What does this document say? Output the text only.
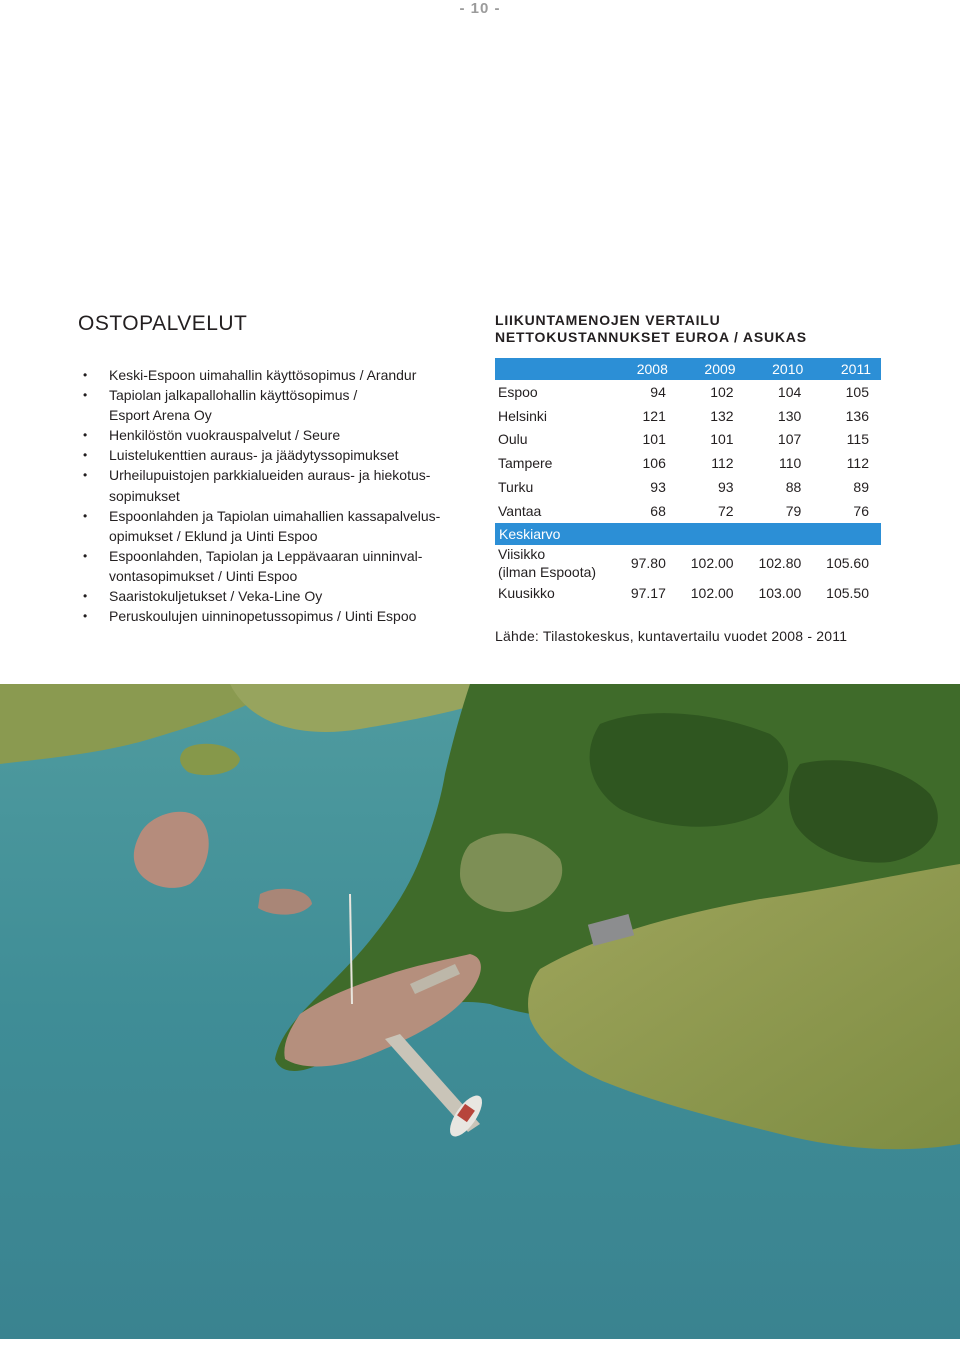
- 10 -
OSTOPALVELUT
• Keski-Espoon uimahallin käyttösopimus / Arandur
• Tapiolan jalkapallohallin käyttösopimus /
Esport Arena Oy
• Henkilöstön vuokrauspalvelut / Seure
• Luistelukenttien auraus- ja jäädytyssopimukset
• Urheilupuistojen parkkialueiden auraus- ja hiekotus-
sopimukset
• Espoonlahden ja Tapiolan uimahallien kassapalvelus-
opimukset / Eklund ja Uinti Espoo
• Espoonlahden, Tapiolan ja Leppävaaran uinninval-
vontasopimukset / Uinti Espoo
• Saaristokuljetukset / Veka-Line Oy
• Peruskoulujen uinninopetussopimus / Uinti Espoo
LIIKUNTAMENOJEN VERTAILU
NETTOKUSTANNUKSET EUROA / ASUKAS
	2008	2009	2010	2011
Espoo	94	102	104	105
Helsinki	121	132	130	136
Oulu	101	101	107	115
Tampere	106	112	110	112
Turku	93	93	88	89
Vantaa	68	72	79	76
Keskiarvo				

Viisikko
(ilman Espoota)	97.80	102.00	102.80	105.60

Kuusikko	97.17	102.00	103.00	105.50
Lähde: Tilastokeskus, kuntavertailu vuodet 2008 - 2011
